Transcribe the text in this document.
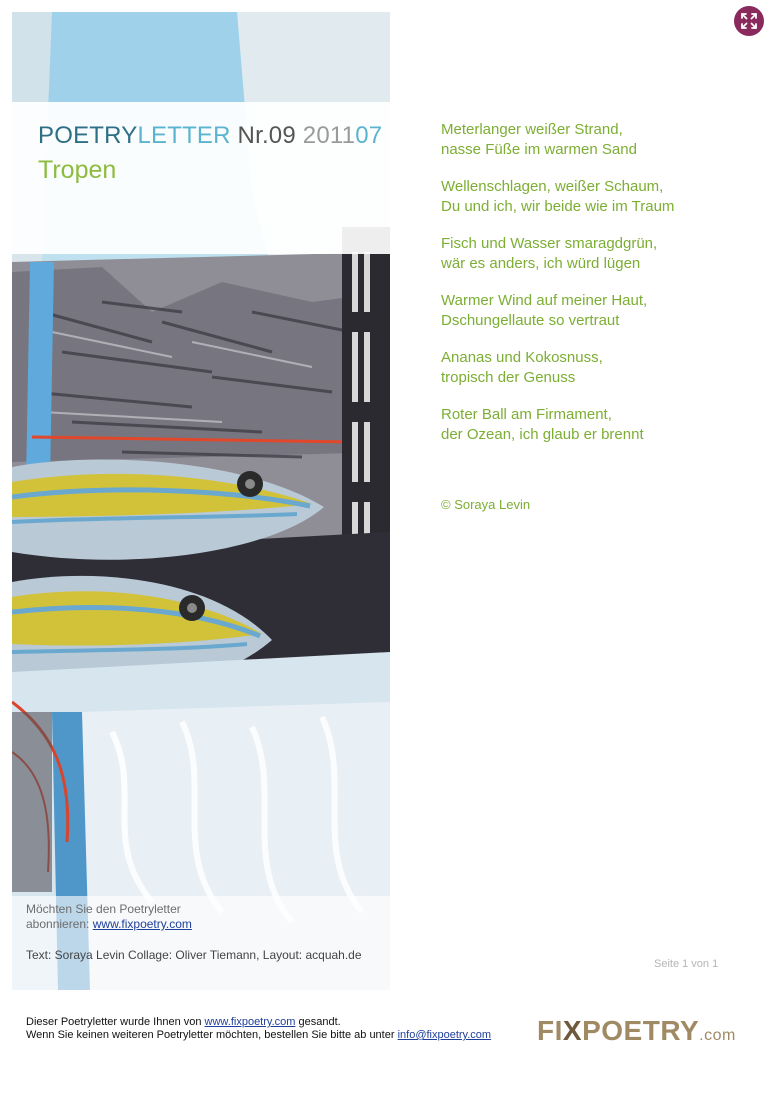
POETRYLETTER Nr.09 201107
Tropen
Möchten Sie den Poetryletter
abonnieren: www.fixpoetry.com
Text: Soraya Levin Collage: Oliver Tiemann, Layout: acquah.de
Meterlanger weißer Strand,
nasse Füße im warmen Sand
Wellenschlagen, weißer Schaum,
Du und ich, wir beide wie im Traum
Fisch und Wasser smaragdgrün,
wär es anders, ich würd lügen
Warmer Wind auf meiner Haut,
Dschungellaute so vertraut
Ananas und Kokosnuss,
tropisch der Genuss
Roter Ball am Firmament,
der Ozean, ich glaub er brennt
© Soraya Levin
Seite 1 von 1
Dieser Poetryletter wurde Ihnen von www.fixpoetry.com gesandt.
Wenn Sie keinen weiteren Poetryletter möchten, bestellen Sie bitte ab unter info@fixpoetry.com FIXPOETRY.com
